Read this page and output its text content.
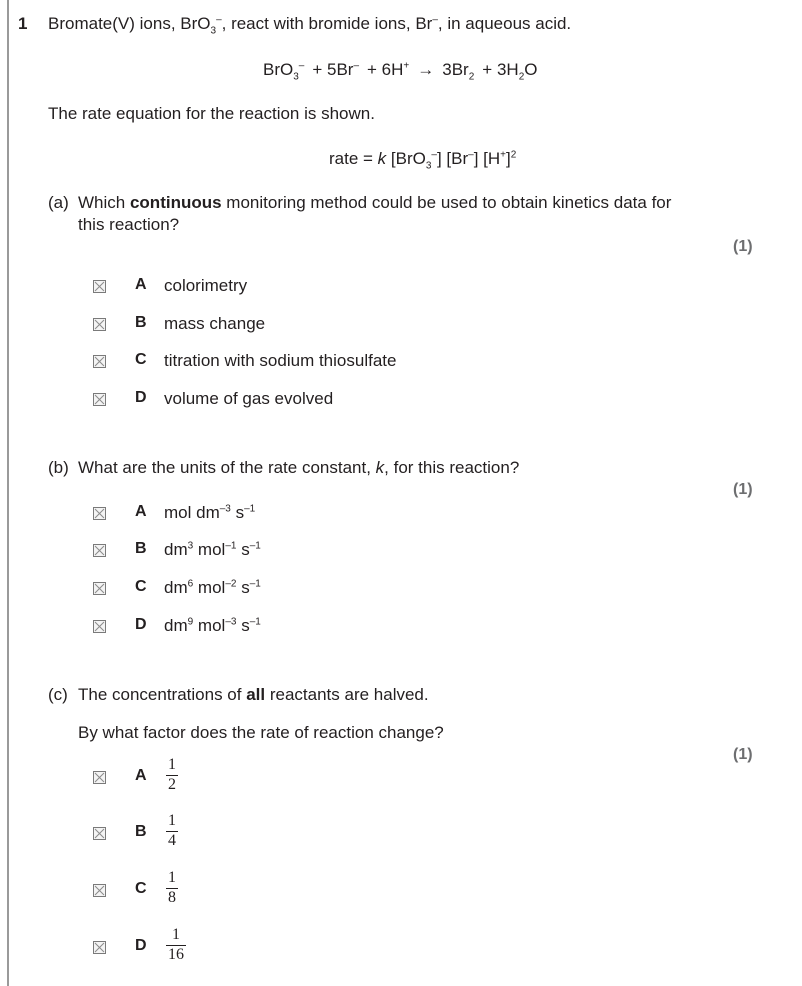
1 Bromate(V) ions, BrO$_3$–, react with bromide ions, Br–, in aqueous acid.
$BrO_3^- + 5Br^- + 6H^+ \to 3Br_2 + 3H_2O$
The rate equation for the reaction is shown.
rate = k [BrO$_3$–] [Br–] $[H^+]^2$
(a) Which continuous monitoring method could be used to obtain kinetics data for
this reaction?
(1)
A colorimetry
B mass change
C titration with sodium thiosulfate
D volume of gas evolved
(b) What are the units of the rate constant, k, for this reaction?
(1)
A mol $dm^{-3}$ $s^{-1}$
B $dm^3$ mol$^{-1}$ $s^{-1}$
C $dm^6$ mol$^{-2}$ $s^{-1}$
D $dm^9$ mol$^{-3}$ $s^{-1}$
(c) The concentrations of all reactants are halved.
By what factor does the rate of reaction change?
(1)
A
1
2
B
1
4
C
1
8
D
1
16
